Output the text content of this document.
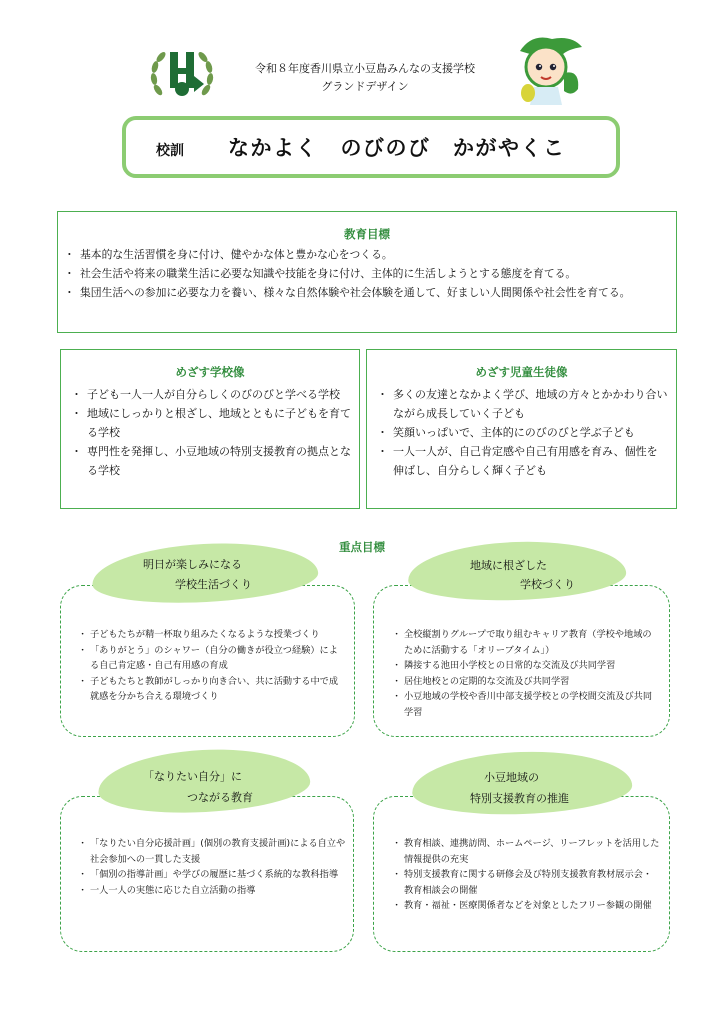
令和８年度香川県立小豆島みんなの支援学校
グランドデザイン
校訓 なかよく　のびのび　かがやくこ
教育目標
・ 基本的な生活習慣を身に付け、健やかな体と豊かな心をつくる。
・ 社会生活や将来の職業生活に必要な知識や技能を身に付け、主体的に生活しようとする態度を育てる。
・ 集団生活への参加に必要な力を養い、様々な自然体験や社会体験を通して、好ましい人間関係や社会性を育てる。
めざす学校像
・ 子ども一人一人が自分らしくのびのびと学べる学校
・ 地域にしっかりと根ざし、地域とともに子どもを育てる学校
・ 専門性を発揮し、小豆地域の特別支援教育の拠点となる学校
めざす児童生徒像
・ 多くの友達となかよく学び、地域の方々とかかわり合いながら成長していく子ども
・ 笑顔いっぱいで、主体的にのびのびと学ぶ子ども
・ 一人一人が、自己肯定感や自己有用感を育み、個性を伸ばし、自分らしく輝く子ども
重点目標
明日が楽しみになる
学校生活づくり
・ 子どもたちが精一杯取り組みたくなるような授業づくり
・ 「ありがとう」のシャワー（自分の働きが役立つ経験）による自己肯定感・自己有用感の育成
・ 子どもたちと教師がしっかり向き合い、共に活動する中で成就感を分かち合える環境づくり
地域に根ざした
学校づくり
・ 全校縦割りグループで取り組むキャリア教育（学校や地域のために活動する「オリーブタイム」）
・ 隣接する池田小学校との日常的な交流及び共同学習
・ 居住地校との定期的な交流及び共同学習
・ 小豆地域の学校や香川中部支援学校との学校間交流及び共同学習
「なりたい自分」に
つながる教育
・ 「なりたい自分応援計画」(個別の教育支援計画)による自立や社会参加への一貫した支援
・ 「個別の指導計画」や学びの履歴に基づく系統的な教科指導
・ 一人一人の実態に応じた自立活動の指導
小豆地域の
特別支援教育の推進
・ 教育相談、連携訪問、ホームページ、リーフレットを活用した情報提供の充実
・ 特別支援教育に関する研修会及び特別支援教育教材展示会・教育相談会の開催
・ 教育・福祉・医療関係者などを対象としたフリー参観の開催
